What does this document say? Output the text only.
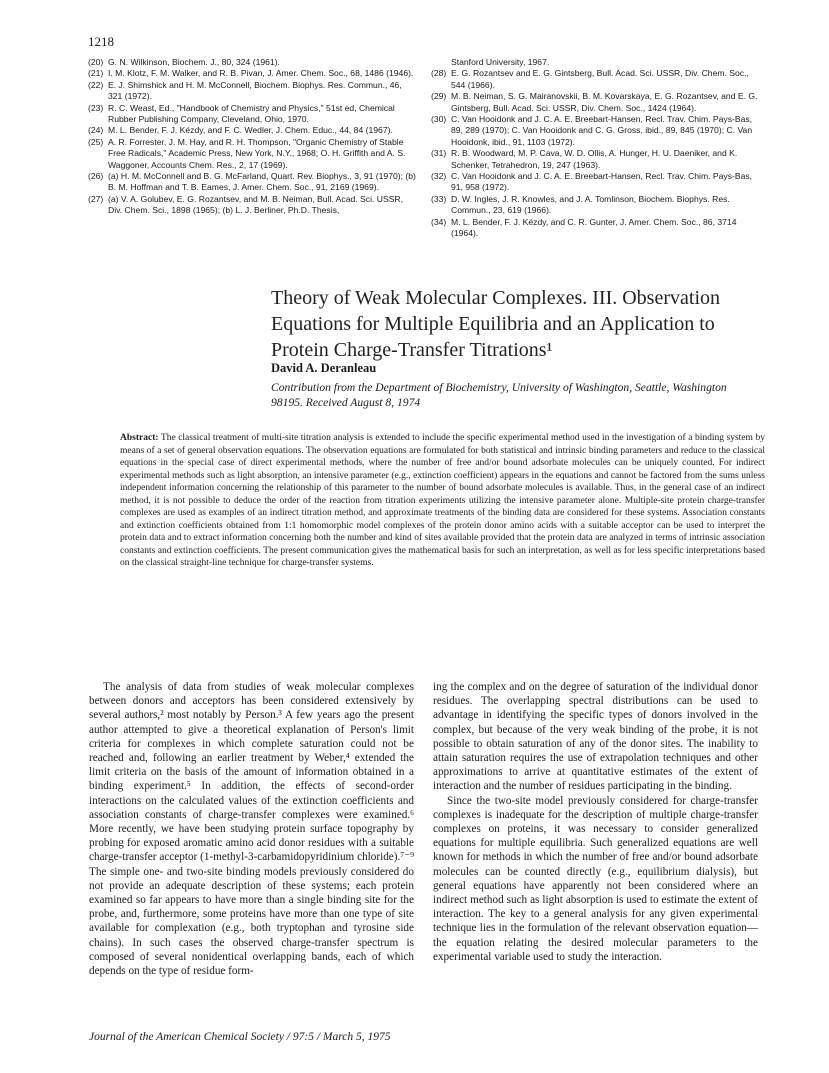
1218
(20) G. N. Wilkinson, Biochem. J., 80, 324 (1961).
(21) I. M. Klotz, F. M. Walker, and R. B. Pivan, J. Amer. Chem. Soc., 68, 1486 (1946).
(22) E. J. Shimshick and H. M. McConnell, Biochem. Biophys. Res. Commun., 46, 321 (1972).
(23) R. C. Weast, Ed., "Handbook of Chemistry and Physics," 51st ed, Chemical Rubber Publishing Company, Cleveland, Ohio, 1970.
(24) M. L. Bender, F. J. Kézdy, and F. C. Wedler, J. Chem. Educ., 44, 84 (1967).
(25) A. R. Forrester, J. M. Hay, and R. H. Thompson, "Organic Chemistry of Stable Free Radicals," Academic Press, New York, N.Y., 1968; O. H. Griffith and A. S. Waggoner, Accounts Chem. Res., 2, 17 (1969).
(26) (a) H. M. McConnell and B. G. McFarland, Quart. Rev. Biophys., 3, 91 (1970); (b) B. M. Hoffman and T. B. Eames, J. Amer. Chem. Soc., 91, 2169 (1969).
(27) (a) V. A. Golubev, E. G. Rozantsev, and M. B. Neiman, Bull. Acad. Sci. USSR, Div. Chem. Sci., 1898 (1965); (b) L. J. Berliner, Ph.D. Thesis,
Stanford University, 1967.
(28) E. G. Rozantsev and E. G. Gintsberg, Bull. Acad. Sci. USSR, Div. Chem. Soc., 544 (1966).
(29) M. B. Neiman, S. G. Mairanovskii, B. M. Kovarskaya, E. G. Rozantsev, and E. G. Gintsberg, Bull. Acad. Sci. USSR, Div. Chem. Soc., 1424 (1964).
(30) C. Van Hooidonk and J. C. A. E. Breebart-Hansen, Recl. Trav. Chim. Pays-Bas, 89, 289 (1970); C. Van Hooidonk and C. G. Gross, ibid., 89, 845 (1970); C. Van Hooidonk, ibid., 91, 1103 (1972).
(31) R. B. Woodward, M. P. Cava, W. D. Ollis, A. Hunger, H. U. Daeniker, and K. Schenker, Tetrahedron, 19, 247 (1963).
(32) C. Van Hooidonk and J. C. A. E. Breebart-Hansen, Recl. Trav. Chim. Pays-Bas, 91, 958 (1972).
(33) D. W. Ingles, J. R. Knowles, and J. A. Tomlinson, Biochem. Biophys. Res. Commun., 23, 619 (1966).
(34) M. L. Bender, F. J. Kézdy, and C. R. Gunter, J. Amer. Chem. Soc., 86, 3714 (1964).
Theory of Weak Molecular Complexes. III. Observation Equations for Multiple Equilibria and an Application to Protein Charge-Transfer Titrations¹
David A. Deranleau
Contribution from the Department of Biochemistry, University of Washington, Seattle, Washington 98195. Received August 8, 1974
Abstract: The classical treatment of multi-site titration analysis is extended to include the specific experimental method used in the investigation of a binding system by means of a set of general observation equations. The observation equations are formulated for both statistical and intrinsic binding parameters and reduce to the classical equations in the special case of direct experimental methods, where the number of free and/or bound adsorbate molecules can be uniquely counted. For indirect experimental methods such as light absorption, an intensive parameter (e.g., extinction coefficient) appears in the equations and cannot be factored from the sums unless independent information concerning the relationship of this parameter to the number of bound adsorbate molecules is available. Thus, in the general case of an indirect method, it is not possible to deduce the order of the reaction from titration experiments utilizing the intensive parameter alone. Multiple-site protein charge-transfer complexes are used as examples of an indirect titration method, and approximate treatments of the binding data are considered for these systems. Association constants and extinction coefficients obtained from 1:1 homomorphic model complexes of the protein donor amino acids with a suitable acceptor can be used to interpret the protein data and to extract information concerning both the number and kind of sites available provided that the protein data are analyzed in terms of intrinsic association constants and extinction coefficients. The present communication gives the mathematical basis for such an interpretation, as well as for less specific interpretations based on the classical straight-line technique for charge-transfer systems.

The analysis of data from studies of weak molecular complexes between donors and acceptors has been considered extensively by several authors,² most notably by Person.³ A few years ago the present author attempted to give a theoretical explanation of Person's limit criteria for complexes in which complete saturation could not be reached and, following an earlier treatment by Weber,⁴ extended the limit criteria on the basis of the amount of information obtained in a binding experiment.⁵ In addition, the effects of second-order interactions on the calculated values of the extinction coefficients and association constants of charge-transfer complexes were examined.⁶ More recently, we have been studying protein surface topography by probing for exposed aromatic amino acid donor residues with a suitable charge-transfer acceptor (1-methyl-3-carbamidopyridinium chloride).⁷⁻⁹ The simple one- and two-site binding models previously considered do not provide an adequate description of these systems; each protein examined so far appears to have more than a single binding site for the probe, and, furthermore, some proteins have more than one type of site available for complexation (e.g., both tryptophan and tyrosine side chains). In such cases the observed charge-transfer spectrum is composed of several nonidentical overlapping bands, each of which depends on the type of residue form-

ing the complex and on the degree of saturation of the individual donor residues. The overlapping spectral distributions can be used to advantage in identifying the specific types of donors involved in the complex, but because of the very weak binding of the probe, it is not possible to obtain saturation of any of the donor sites. The inability to attain saturation requires the use of extrapolation techniques and other approximations to arrive at quantitative estimates of the extent of interaction and the number of residues participating in the binding.

Since the two-site model previously considered for charge-transfer complexes is inadequate for the description of multiple charge-transfer complexes on proteins, it was necessary to consider generalized equations for multiple equilibria. Such generalized equations are well known for methods in which the number of free and/or bound adsorbate molecules can be counted directly (e.g., equilibrium dialysis), but general equations have apparently not been considered where an indirect method such as light absorption is used to estimate the extent of interaction. The key to a general analysis for any given experimental technique lies in the formulation of the relevant observation equation—the equation relating the desired molecular parameters to the experimental variable used to study the interaction.

Journal of the American Chemical Society / 97:5 / March 5, 1975
